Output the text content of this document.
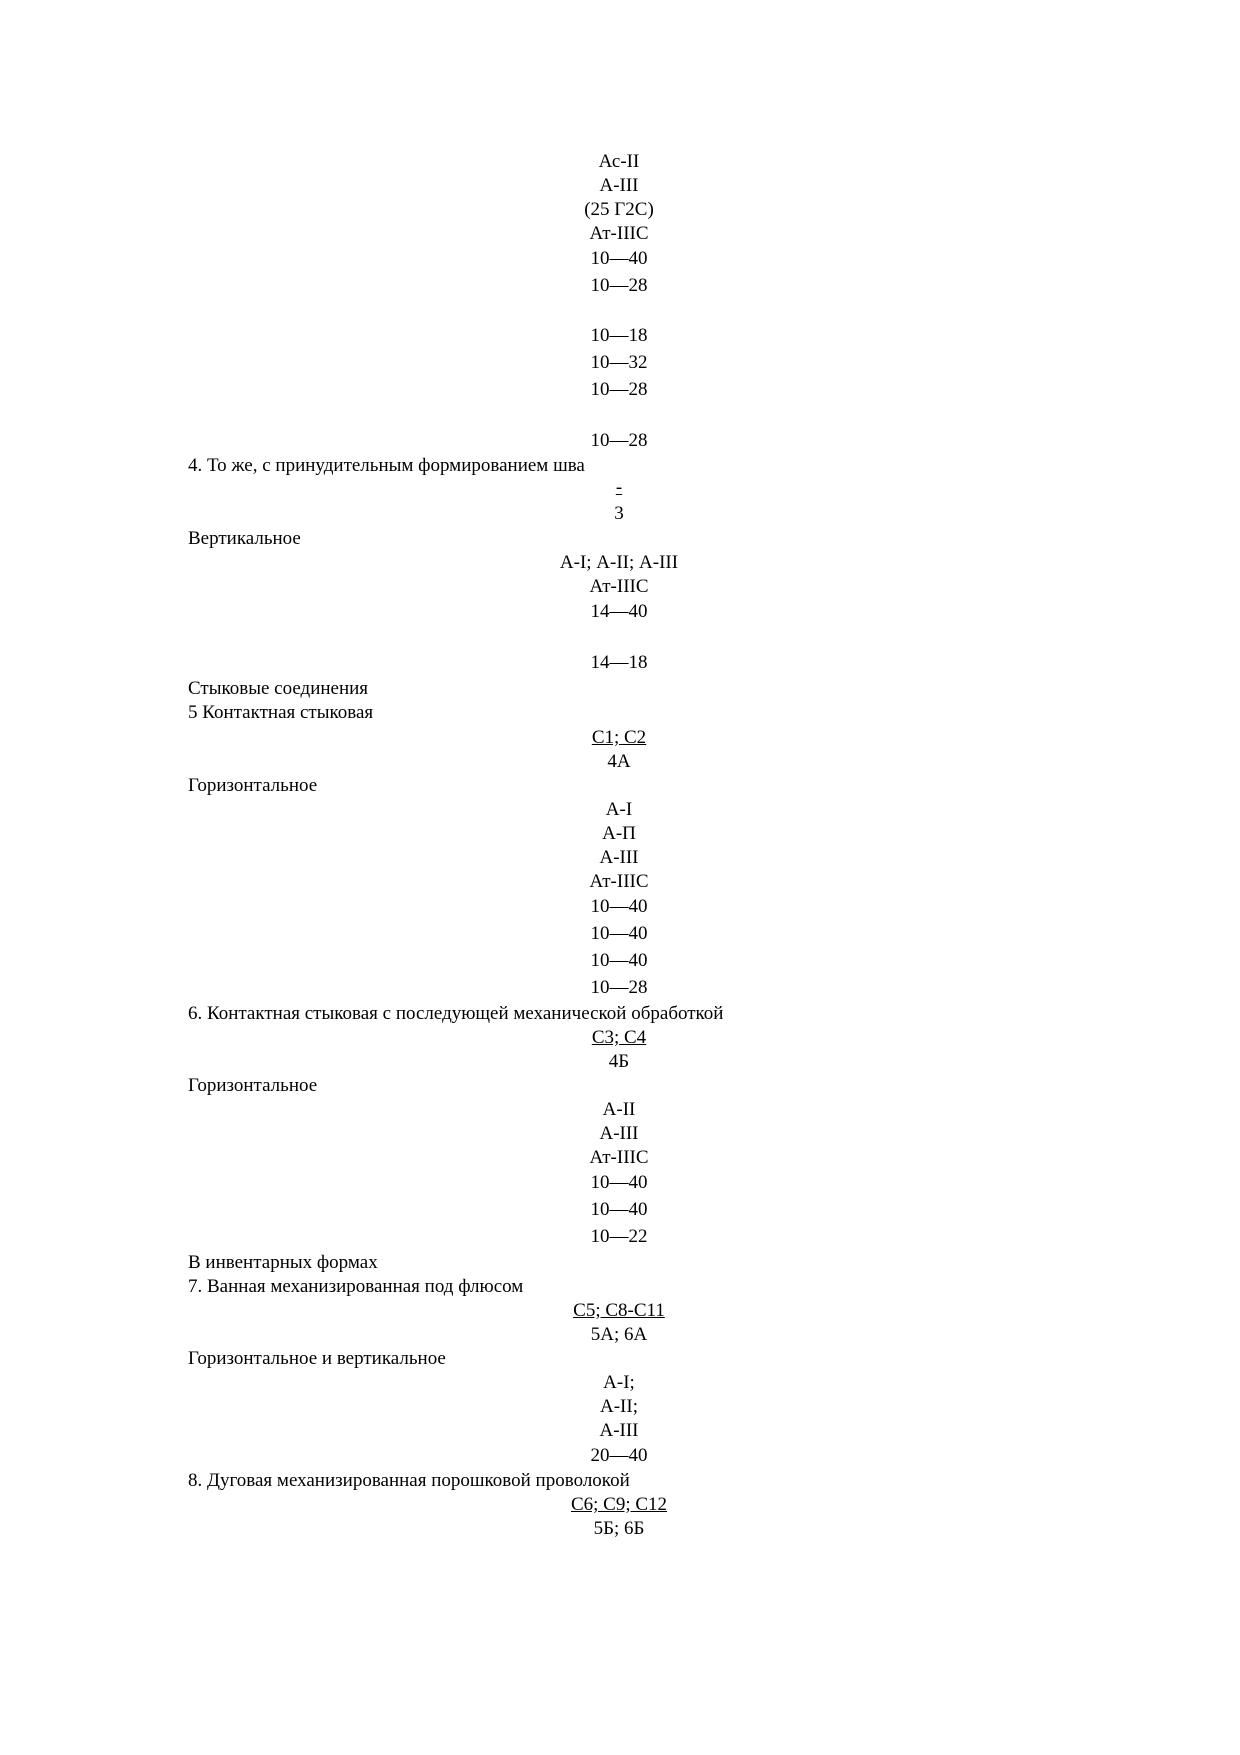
Ас-II
А-III
(25 Г2С)
Ат-IIIС
10—40
10—28
10—18
10—32
10—28
10—28
4. То же, с принудительным формированием шва
-
3
Вертикальное
А-I; А-II; А-III
Ат-IIIС
14—40
14—18
Стыковые соединения
5 Контактная стыковая
С1; С2
4А
Горизонтальное
А-I
А-П
А-III
Ат-IIIС
10—40
10—40
10—40
10—28
6. Контактная стыковая с последующей механической обработкой
С3; С4
4Б
Горизонтальное
А-II
А-III
Ат-IIIС
10—40
10—40
10—22
В инвентарных формах
7. Ванная механизированная под флюсом
С5; С8-С11
5А; 6А
Горизонтальное и вертикальное
А-I;
А-II;
А-III
20—40
8. Дуговая механизированная порошковой проволокой
С6; С9; С12
5Б; 6Б
